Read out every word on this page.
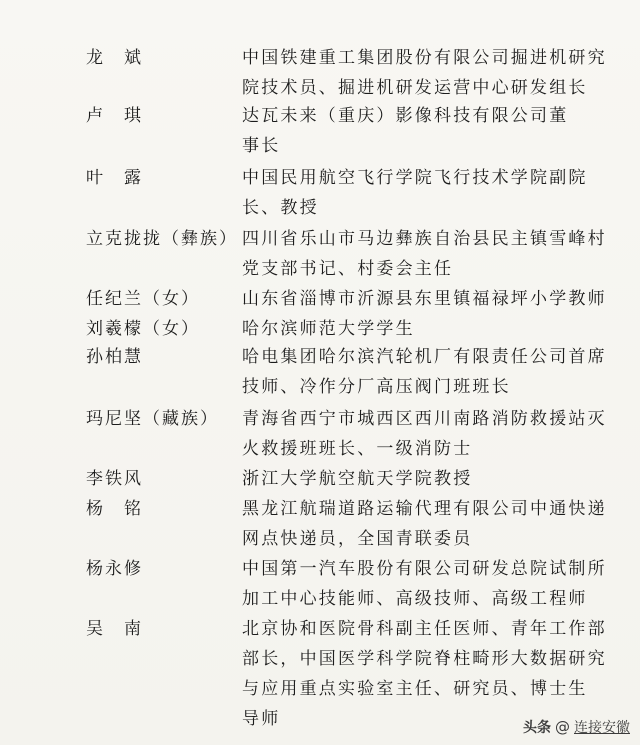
龙　斌	中国铁建重工集团股份有限公司掘进机研究
院技术员、掘进机研发运营中心研发组长
卢　琪	达瓦未来（重庆）影像科技有限公司董
事长
叶　露	中国民用航空飞行学院飞行技术学院副院
长、教授
立克拢拢（彝族） 四川省乐山市马边彝族自治县民主镇雪峰村
党支部书记、村委会主任
任纪兰（女） 山东省淄博市沂源县东里镇福禄坪小学教师
刘羲檬（女） 哈尔滨师范大学学生
孙柏慧	哈电集团哈尔滨汽轮机厂有限责任公司首席
技师、冷作分厂高压阀门班班长
玛尼坚（藏族） 青海省西宁市城西区西川南路消防救援站灭
火救援班班长、一级消防士
李铁风	浙江大学航空航天学院教授
杨　铭	黑龙江航瑞道路运输代理有限公司中通快递
网点快递员，全国青联委员
杨永修	中国第一汽车股份有限公司研发总院试制所
加工中心技能师、高级技师、高级工程师
吴　南	北京协和医院骨科副主任医师、青年工作部
部长，中国医学科学院脊柱畸形大数据研究
与应用重点实验室主任、研究员、博士生
导师	头条 @ 连接安徽
